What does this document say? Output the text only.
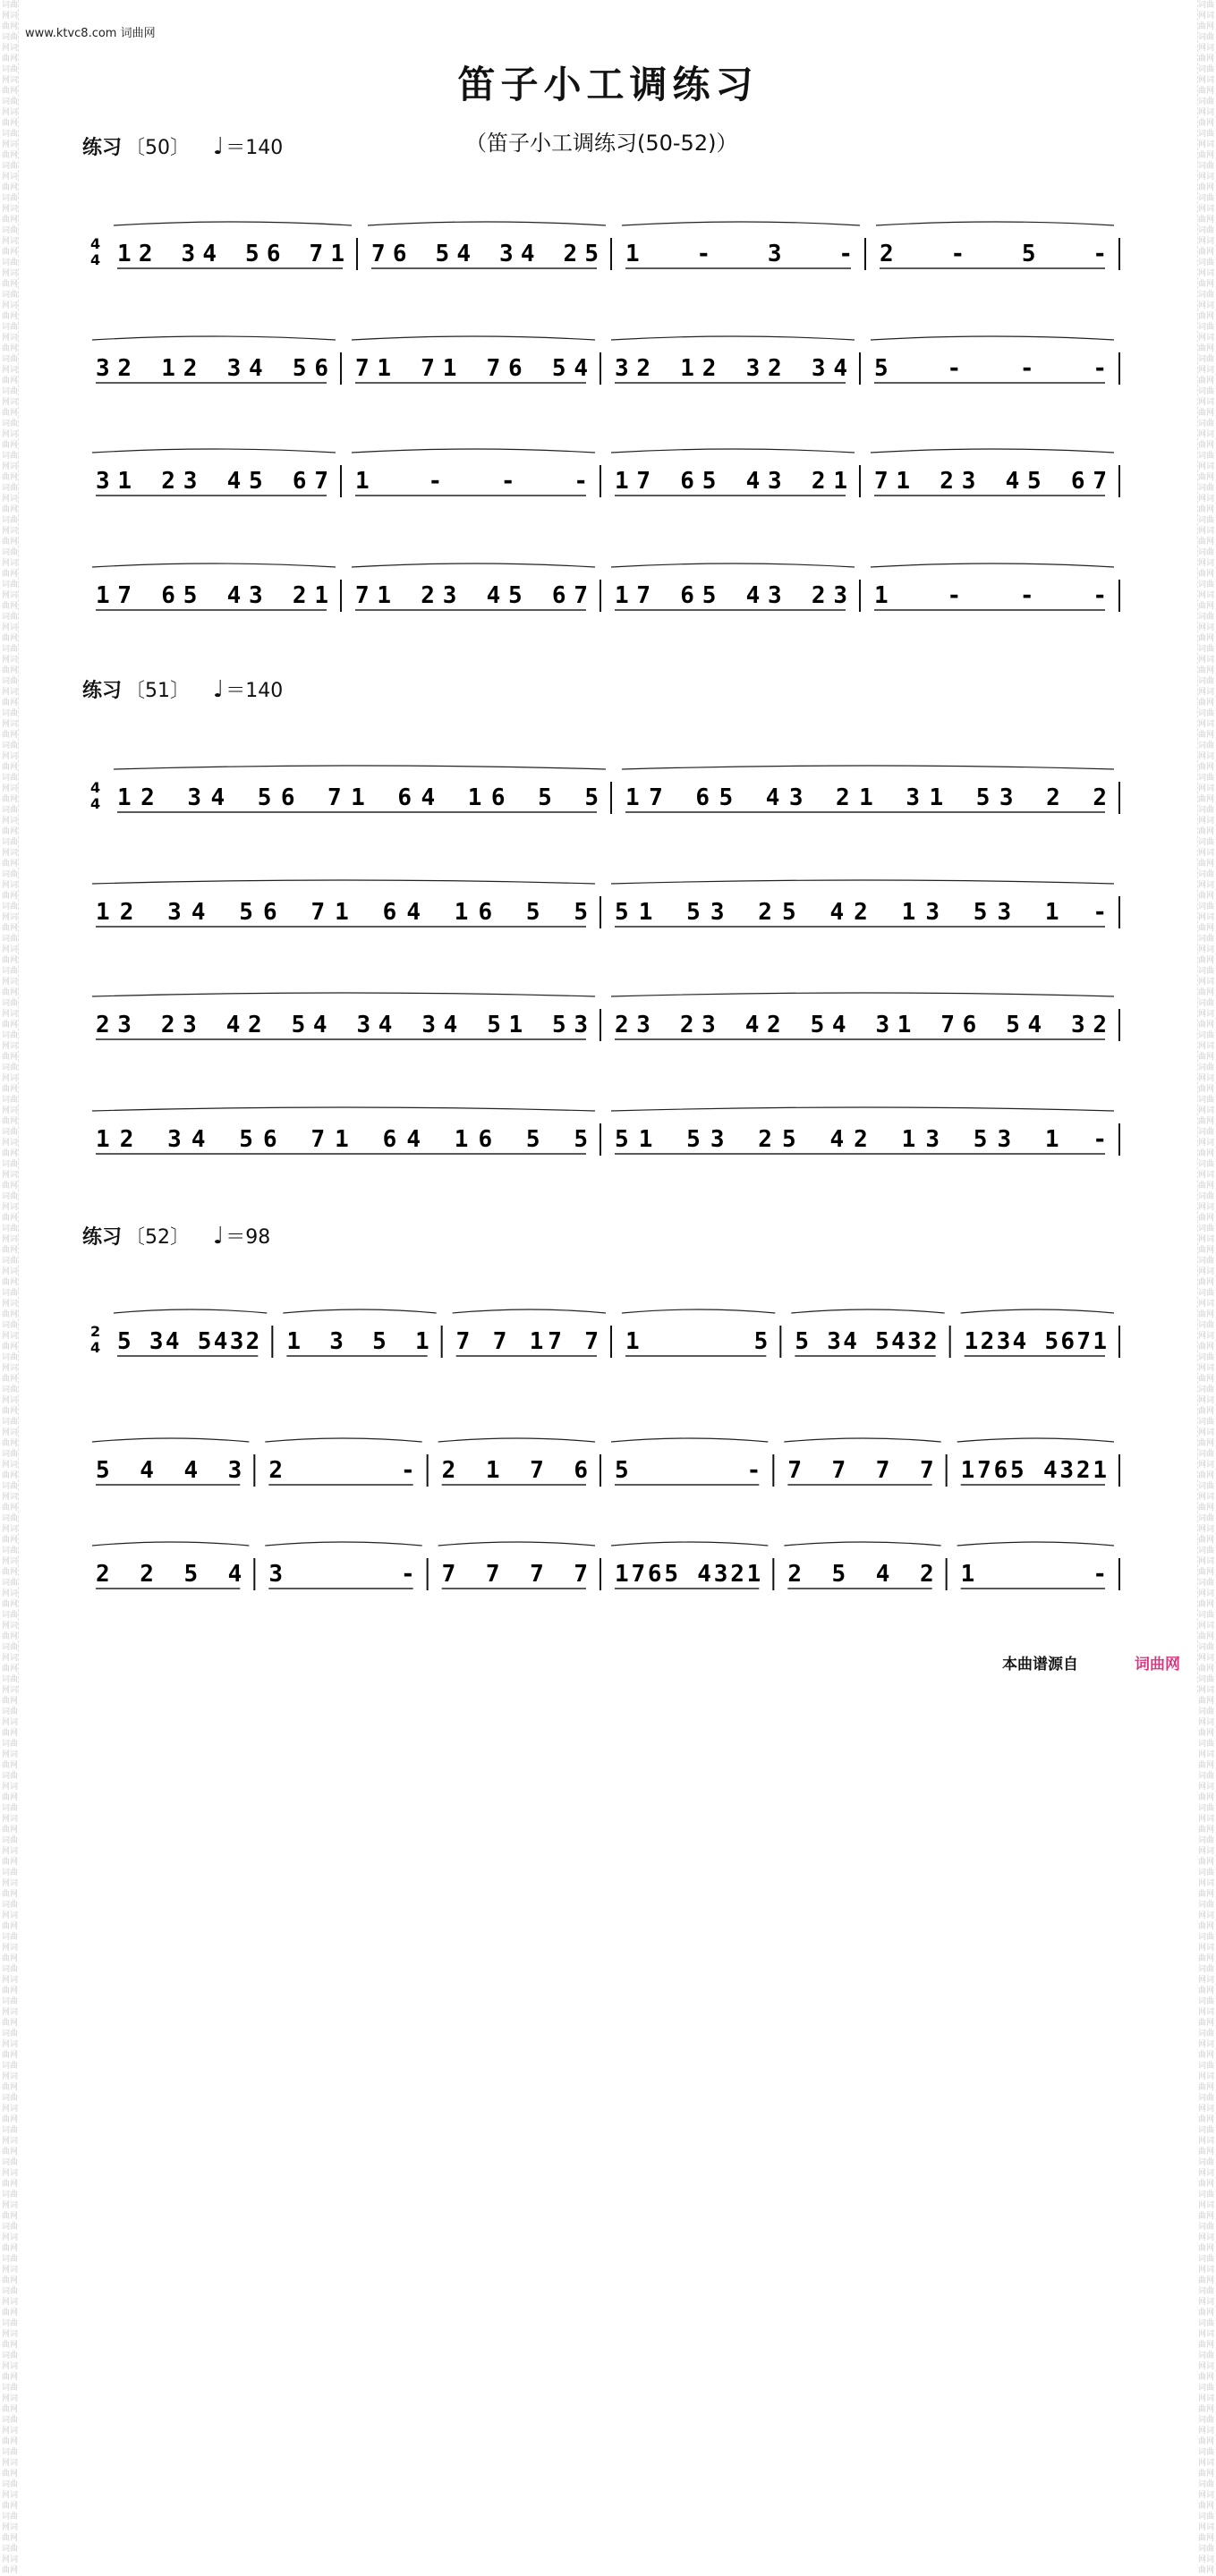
词曲网词曲网词曲网词曲网词曲网词曲网词曲网词曲网词曲网词曲网词曲网词曲网词曲网词曲网词曲网词曲网词曲网词曲网词曲网词曲网词曲网词曲网词曲网词曲网词曲网词曲网词曲网词曲网词曲网词曲网词曲网词曲网词曲网词曲网词曲网词曲网词曲网词曲网词曲网词曲网词曲网词曲网词曲网词曲网词曲网词曲网词曲网词曲网词曲网词曲网词曲网词曲网词曲网词曲网词曲网词曲网词曲网词曲网词曲网词曲网词曲网词曲网词曲网词曲网词曲网词曲网词曲网词曲网词曲网词曲网词曲网词曲网词曲网词曲网词曲网词曲网词曲网词曲网词曲网词曲网词曲网词曲网词曲网词曲网词曲网词曲网词曲网词曲网词曲网词曲网词曲网词曲网词曲网词曲网词曲网词曲网词曲网词曲网词曲网词曲网词曲网词曲网词曲网词曲网词曲网词曲网词曲网词曲网词曲网词曲网词曲网词曲网词曲网词曲网词曲网词曲网词曲网词曲网词曲网词曲网词曲网词曲网词曲网词曲网词曲网词曲网词曲网词曲网词曲网词曲网词曲网词曲网词曲网词曲网词曲网词曲网词曲网词曲网词曲网词曲网词曲网词曲网词曲网词曲网词曲网词曲网词曲网词曲网词曲网词曲网词曲网词曲网词曲网词曲网词曲网词曲网词曲网词曲网词曲网词曲网
词曲网词曲网词曲网词曲网词曲网词曲网词曲网词曲网词曲网词曲网词曲网词曲网词曲网词曲网词曲网词曲网词曲网词曲网词曲网词曲网词曲网词曲网词曲网词曲网词曲网词曲网词曲网词曲网词曲网词曲网词曲网词曲网词曲网词曲网词曲网词曲网词曲网词曲网词曲网词曲网词曲网词曲网词曲网词曲网词曲网词曲网词曲网词曲网词曲网词曲网词曲网词曲网词曲网词曲网词曲网词曲网词曲网词曲网词曲网词曲网词曲网词曲网词曲网词曲网词曲网词曲网词曲网词曲网词曲网词曲网词曲网词曲网词曲网词曲网词曲网词曲网词曲网词曲网词曲网词曲网词曲网词曲网词曲网词曲网词曲网词曲网词曲网词曲网词曲网词曲网词曲网词曲网词曲网词曲网词曲网词曲网词曲网词曲网词曲网词曲网词曲网词曲网词曲网词曲网词曲网词曲网词曲网词曲网词曲网词曲网词曲网词曲网词曲网词曲网词曲网词曲网词曲网词曲网词曲网词曲网词曲网词曲网词曲网词曲网词曲网词曲网词曲网词曲网词曲网词曲网词曲网词曲网词曲网词曲网词曲网词曲网词曲网词曲网词曲网词曲网词曲网词曲网词曲网词曲网词曲网词曲网词曲网词曲网词曲网词曲网词曲网词曲网词曲网词曲网词曲网词曲网词曲网词曲网词曲网词曲网
www.ktvc8.com 词曲网
笛子小工调练习
（笛子小工调练习(50-52)）
练习 〔50〕 ♩＝140
4
4 12 34 56 71 76 54 34 25 1 - 3 - 2 - 5 -
32 12 34 56 71 71 76 54 32 12 32 34 5 - - -
31 23 45 67 1 - - - 17 65 43 21 71 23 45 67
17 65 43 21 71 23 45 67 17 65 43 23 1 - - -
练习 〔51〕 ♩＝140
4
4 12 34 56 71 64 16 5 5 17 65 43 21 31 53 2 2
12 34 56 71 64 16 5 5 51 53 25 42 13 53 1 -
23 23 42 54 34 34 51 53 23 23 42 54 31 76 54 32
12 34 56 71 64 16 5 5 51 53 25 42 13 53 1 -
练习 〔52〕 ♩＝98
2
4 5 34 5432 1 3 5 1 7 7 17 7 1 5 5 34 5432 1234 5671
5 4 4 3 2 - 2 1 7 6 5 - 7 7 7 7 1765 4321
2 2 5 4 3 - 7 7 7 7 1765 4321 2 5 4 2 1 -
本曲谱源自	词曲网
